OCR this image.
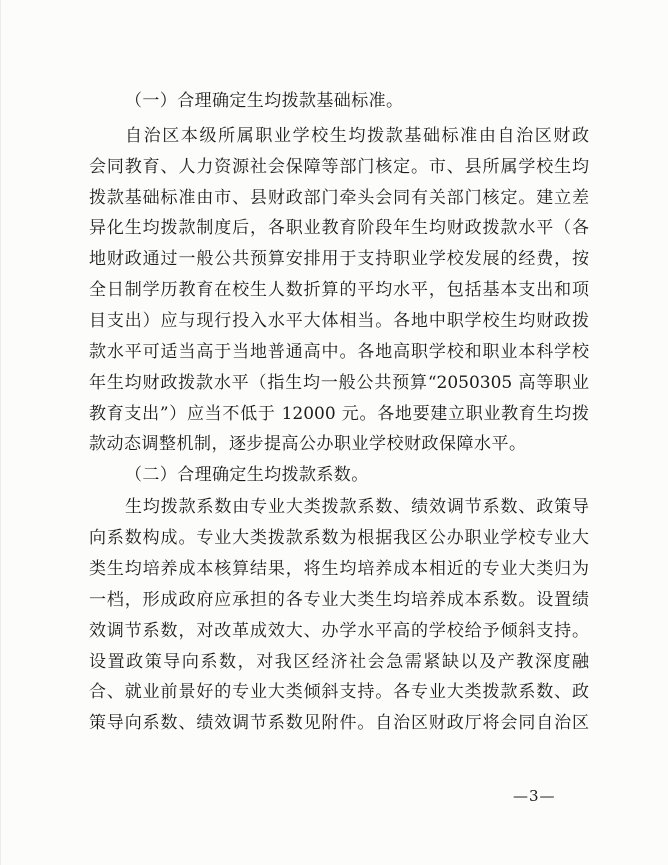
（一）合理确定生均拨款基础标准。
自治区本级所属职业学校生均拨款基础标准由自治区财政
会同教育、人力资源社会保障等部门核定。市、县所属学校生均
拨款基础标准由市、县财政部门牵头会同有关部门核定。建立差
异化生均拨款制度后，各职业教育阶段年生均财政拨款水平（各
地财政通过一般公共预算安排用于支持职业学校发展的经费，按
全日制学历教育在校生人数折算的平均水平，包括基本支出和项
目支出）应与现行投入水平大体相当。各地中职学校生均财政拨
款水平可适当高于当地普通高中。各地高职学校和职业本科学校
年生均财政拨款水平（指生均一般公共预算“2050305 高等职业
教育支出”）应当不低于 12000 元。各地要建立职业教育生均拨
款动态调整机制，逐步提高公办职业学校财政保障水平。
（二）合理确定生均拨款系数。
生均拨款系数由专业大类拨款系数、绩效调节系数、政策导
向系数构成。专业大类拨款系数为根据我区公办职业学校专业大
类生均培养成本核算结果，将生均培养成本相近的专业大类归为
一档，形成政府应承担的各专业大类生均培养成本系数。设置绩
效调节系数，对改革成效大、办学水平高的学校给予倾斜支持。
设置政策导向系数，对我区经济社会急需紧缺以及产教深度融
合、就业前景好的专业大类倾斜支持。各专业大类拨款系数、政
策导向系数、绩效调节系数见附件。自治区财政厅将会同自治区
—3—
